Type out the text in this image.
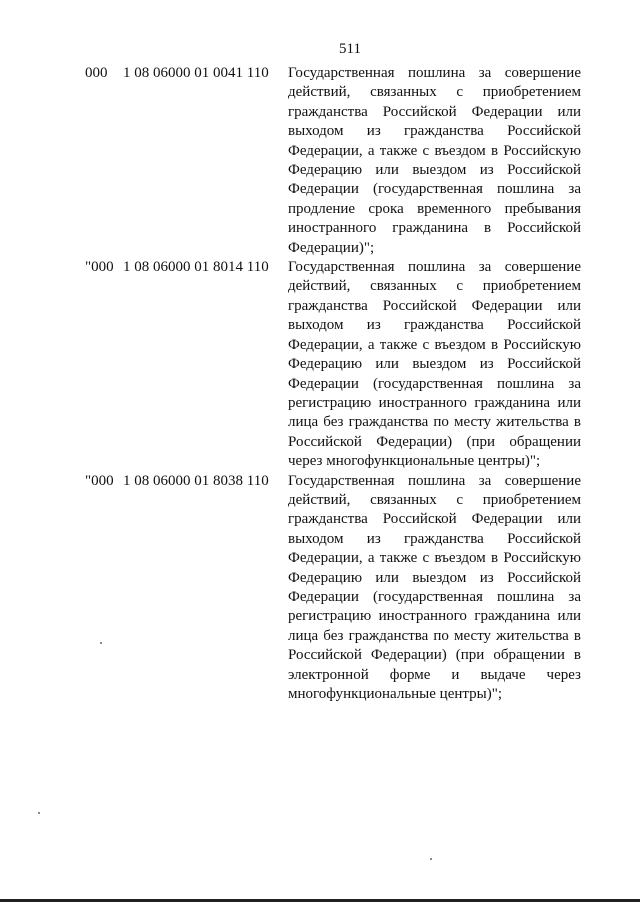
511
000 1 08 06000 01 0041 110	Государственная пошлина за совершение действий, связанных с приобретением гражданства Российской Федерации или выходом из гражданства Российской Федерации, а также с въездом в Российскую Федерацию или выездом из Российской Федерации (государственная пошлина за продление срока временного пребывания иностранного гражданина в Российской Федерации)";
"000 1 08 06000 01 8014 110	Государственная пошлина за совершение действий, связанных с приобретением гражданства Российской Федерации или выходом из гражданства Российской Федерации, а также с въездом в Российскую Федерацию или выездом из Российской Федерации (государственная пошлина за регистрацию иностранного гражданина или лица без гражданства по месту жительства в Российской Федерации) (при обращении через многофункциональные центры)";
"000 1 08 06000 01 8038 110	Государственная пошлина за совершение действий, связанных с приобретением гражданства Российской Федерации или выходом из гражданства Российской Федерации, а также с въездом в Российскую Федерацию или выездом из Российской Федерации (государственная пошлина за регистрацию иностранного гражданина или лица без гражданства по месту жительства в Российской Федерации) (при обращении в электронной форме и выдаче через многофункциональные центры)";
